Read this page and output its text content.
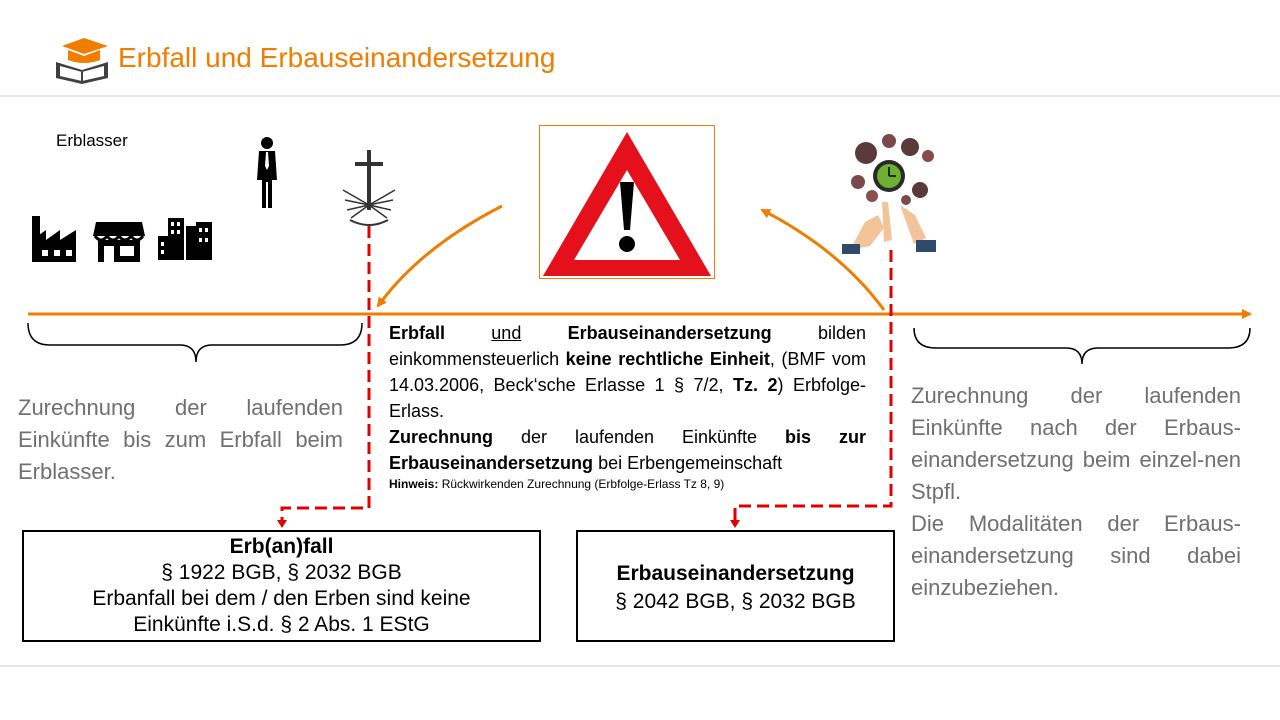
Erbfall und Erbauseinandersetzung
Erblasser
Zurechnung der laufenden Einkünfte bis zum Erbfall beim Erblasser.
Zurechnung der laufenden Einkünfte nach der Erbaus-einandersetzung beim einzel-nen Stpfl.
Die Modalitäten der Erbaus-einandersetzung sind dabei einzubeziehen.

Erbfall	und	Erbauseinandersetzung	bilden einkommensteuerlich keine rechtliche Einheit, (BMF vom 14.03.2006, Beck‘sche Erlasse 1 § 7/2, Tz. 2) Erbfolge-Erlass.

Zurechnung der laufenden Einkünfte bis zur Erbauseinandersetzung bei Erbengemeinschaft

Hinweis: Rückwirkenden Zurechnung (Erbfolge-Erlass Tz 8, 9)

Erb(an)fall
§ 1922 BGB, § 2032 BGB
Erbanfall bei dem / den Erben sind keine
Einkünfte i.S.d. § 2 Abs. 1 EStG
Erbauseinandersetzung
§ 2042 BGB, § 2032 BGB
